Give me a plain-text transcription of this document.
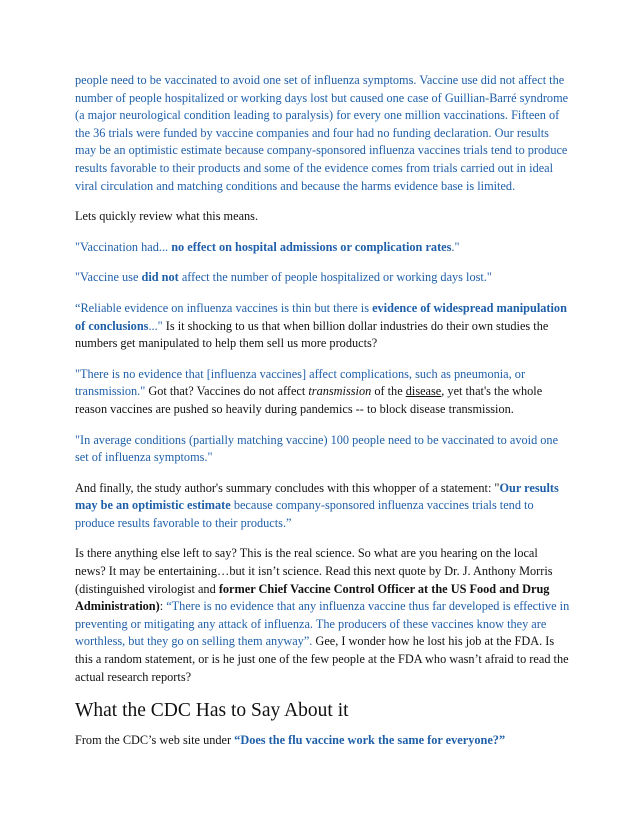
people need to be vaccinated to avoid one set of influenza symptoms. Vaccine use did not affect the number of people hospitalized or working days lost but caused one case of Guillian-Barré syndrome (a major neurological condition leading to paralysis) for every one million vaccinations. Fifteen of the 36 trials were funded by vaccine companies and four had no funding declaration. Our results may be an optimistic estimate because company-sponsored influenza vaccines trials tend to produce results favorable to their products and some of the evidence comes from trials carried out in ideal viral circulation and matching conditions and because the harms evidence base is limited.

Lets quickly review what this means.

"Vaccination had... no effect on hospital admissions or complication rates."

"Vaccine use did not affect the number of people hospitalized or working days lost."

“Reliable evidence on influenza vaccines is thin but there is evidence of widespread manipulation of conclusions..." Is it shocking to us that when billion dollar industries do their own studies the numbers get manipulated to help them sell us more products?

"There is no evidence that [influenza vaccines] affect complications, such as pneumonia, or transmission." Got that? Vaccines do not affect transmission of the disease, yet that's the whole reason vaccines are pushed so heavily during pandemics -- to block disease transmission.

"In average conditions (partially matching vaccine) 100 people need to be vaccinated to avoid one set of influenza symptoms."

And finally, the study author's summary concludes with this whopper of a statement: "Our results may be an optimistic estimate because company-sponsored influenza vaccines trials tend to produce results favorable to their products.”

Is there anything else left to say? This is the real science. So what are you hearing on the local news? It may be entertaining…but it isn’t science. Read this next quote by Dr. J. Anthony Morris (distinguished virologist and former Chief Vaccine Control Officer at the US Food and Drug Administration): “There is no evidence that any influenza vaccine thus far developed is effective in preventing or mitigating any attack of influenza. The producers of these vaccines know they are worthless, but they go on selling them anyway”. Gee, I wonder how he lost his job at the FDA. Is this a random statement, or is he just one of the few people at the FDA who wasn’t afraid to read the actual research reports?

What the CDC Has to Say About it

From the CDC’s web site under “Does the flu vaccine work the same for everyone?”
